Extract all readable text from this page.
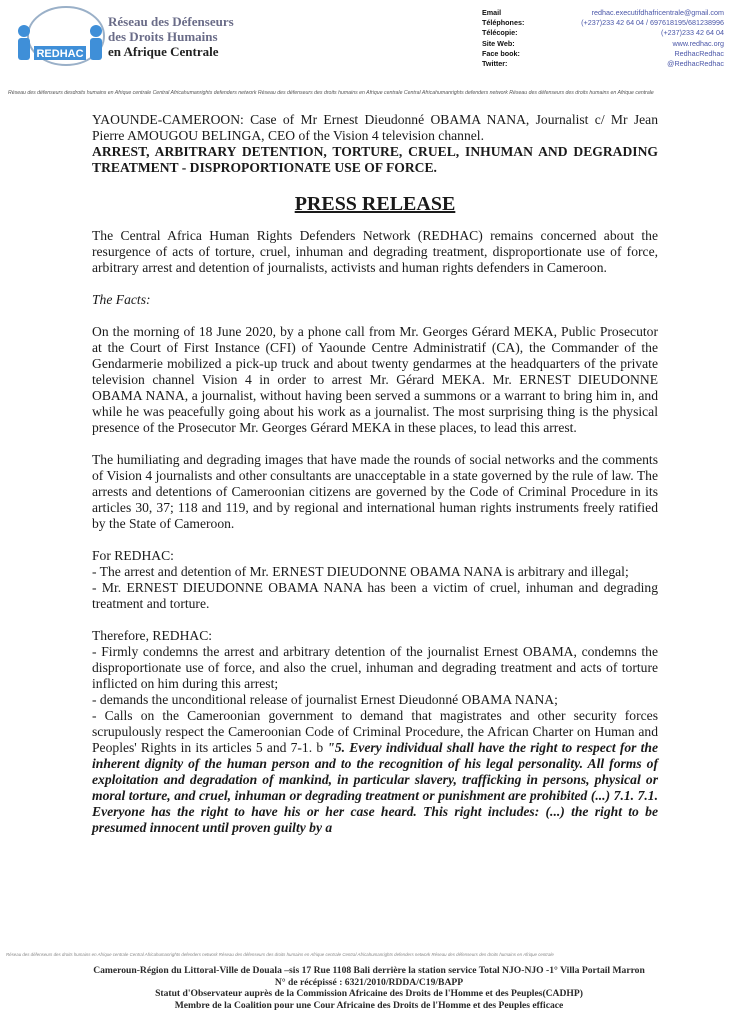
REDHAC
Réseau des Défenseurs
des Droits Humains
en Afrique Centrale
Email	redhac.executifdhafricentrale@gmail.com
Téléphones:	(+237)233 42 64 04 / 697618195/681238996
Télécopie:	(+237)233 42 64 04
Site Web:	www.redhac.org
Face book:	RedhacRedhac
Twitter:	@RedhacRedhac
Réseau des défenseurs desdroits humains en Afrique centrale Central Africahumanrights defenders network Réseau des défenseurs des droits humains en Afrique centrale Central Africahumanrights defenders network Réseau des défenseurs des droits humains en Afrique centrale

YAOUNDE-CAMEROON: Case of Mr Ernest Dieudonné OBAMA NANA, Journalist c/ Mr Jean Pierre AMOUGOU BELINGA, CEO of the Vision 4 television channel.

ARREST, ARBITRARY DETENTION, TORTURE, CRUEL, INHUMAN AND DEGRADING TREATMENT - DISPROPORTIONATE USE OF FORCE.

PRESS RELEASE

The Central Africa Human Rights Defenders Network (REDHAC) remains concerned about the resurgence of acts of torture, cruel, inhuman and degrading treatment, disproportionate use of force, arbitrary arrest and detention of journalists, activists and human rights defenders in Cameroon.

The Facts:

On the morning of 18 June 2020, by a phone call from Mr. Georges Gérard MEKA, Public Prosecutor at the Court of First Instance (CFI) of Yaounde Centre Administratif (CA), the Commander of the Gendarmerie mobilized a pick-up truck and about twenty gendarmes at the headquarters of the private television channel Vision 4 in order to arrest Mr. Gérard MEKA. Mr. ERNEST DIEUDONNE OBAMA NANA, a journalist, without having been served a summons or a warrant to bring him in, and while he was peacefully going about his work as a journalist. The most surprising thing is the physical presence of the Prosecutor Mr. Georges Gérard MEKA in these places, to lead this arrest.

The humiliating and degrading images that have made the rounds of social networks and the comments of Vision 4 journalists and other consultants are unacceptable in a state governed by the rule of law. The arrests and detentions of Cameroonian citizens are governed by the Code of Criminal Procedure in its articles 30, 37; 118 and 119, and by regional and international human rights instruments freely ratified by the State of Cameroon.

For REDHAC:

- The arrest and detention of Mr. ERNEST DIEUDONNE OBAMA NANA is arbitrary and illegal;

- Mr. ERNEST DIEUDONNE OBAMA NANA has been a victim of cruel, inhuman and degrading treatment and torture.

Therefore, REDHAC:

- Firmly condemns the arrest and arbitrary detention of the journalist Ernest OBAMA, condemns the disproportionate use of force, and also the cruel, inhuman and degrading treatment and acts of torture inflicted on him during this arrest;

- demands the unconditional release of journalist Ernest Dieudonné OBAMA NANA;

- Calls on the Cameroonian government to demand that magistrates and other security forces scrupulously respect the Cameroonian Code of Criminal Procedure, the African Charter on Human and Peoples' Rights in its articles 5 and 7-1. b "5. Every individual shall have the right to respect for the inherent dignity of the human person and to the recognition of his legal personality. All forms of exploitation and degradation of mankind, in particular slavery, trafficking in persons, physical or moral torture, and cruel, inhuman or degrading treatment or punishment are prohibited (...) 7.1. 7.1. Everyone has the right to have his or her case heard. This right includes: (...) the right to be presumed innocent until proven guilty by a

Réseau des défenseurs des droits humains en Afrique centrale Central Africahumanrights defenders network Réseau des défenseurs des droits humains en Afrique centrale Central Africahumanrights defenders network Réseau des défenseurs des droits humains en Afrique centrale
Cameroun-Région du Littoral-Ville de Douala –sis 17 Rue 1108 Bali derrière la station service Total NJO-NJO -1° Villa Portail Marron
N° de récépissé : 6321/2010/RDDA/C19/BAPP
Statut d'Observateur auprès de la Commission Africaine des Droits de l'Homme et des Peuples(CADHP)
Membre de la Coalition pour une Cour Africaine des Droits de l'Homme et des Peuples efficace
